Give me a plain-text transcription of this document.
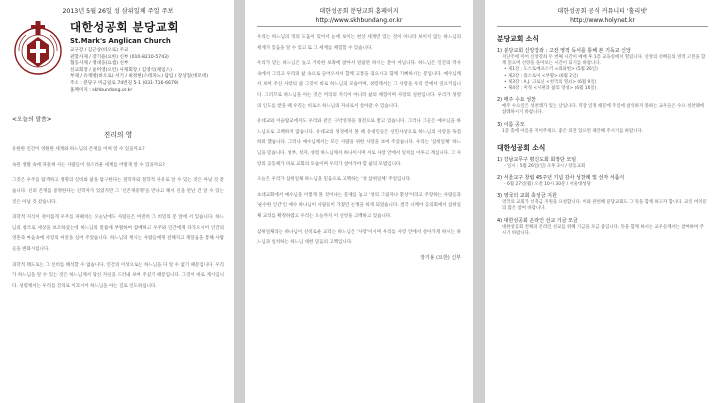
2013년 5월 26일 성 삼위일체 주일 주보
대한성공회 분당교회
St.Mark's Anglican Church
교구장 / 김근상(바오로) 주교
관할사제 / 장기용(요한) 신부 (010-8210-5743)
협동사제 / 정대웅(요셉) 신부
선교회장 / 윤미영(오린) 사제회장 / 김영식(제임스)
부제 / 유재방(바오로) 서기 / 최정현(스테파노) 담임 / 장상칠(데모데)
주소 : 분당구 미금일로 74번길 5-1 (031-716-6679)
홈페이지 : skhbundang.or.kr
<오늘의 말씀>
진리의 영

유한한 인간이 영원한 세계와 하느님의 존재를 어찌 알 수 있을까요?

속된 생활 속에 파묻혀 사는 사람들이 성스러운 세계를 어떻게 알 수 있을까요?

그것은 우주를 탐색하고 생명의 신비와 삶을 탐구한다는 철학자와 철학적 사유로 알 수 있는 것은 아닐 것 같습니다. 신의 존재를 증명한다는 신학자가 있었지만 그 '신존재증명'을 만나고 해서 신을 만난 건 알 수 있는 것은 아닐 것 같습니다.

과학적 지식이 경이롭게 우주를 파헤치는 오늘날에도 사람들은 여전히 그 비밀의 문 앞에 서 있습니다. 하느님의 창조로 세상을 보조하셨는데 하느님의 말씀에 부활하여 참배하고 우주와 인간에게 다가오시어 인간의 영혼과 마음속에 사랑의 씨앗을 심어 주었습니다. 하느님의 계시는 사람들에게 전해지고 깨달음을 통해 사람들을 변화시킵니다.

과학적 태도로는 그 신비를 해석할 수 없습니다. 인간의 이성으로는 하느님을 다 알 수 없기 때문입니다. 우리가 하느님을 알 수 있는 것은 하느님께서 당신 자신을 드러내 보여 주셨기 때문입니다. 그것이 바로 계시입니다. 성령께서는 우리를 진리로 이끄시어 하느님을 아는 길로 인도하십니다.

대한성공회 분당교회 홈페이지
http://www.skhbundang.or.kr

우리는 하느님의 영의 도움이 있어서 눈에 보이는 현상 세계만 있는 것이 아니라 보이지 않는 하느님의 세계가 있음을 알 수 있고 또 그 세계를 체험할 수 있습니다.

우리가 믿는 하느님은 높고 거룩한 보좌에 앉아서 말씀만 하시는 분이 아닙니다. 하느님은 인간의 역사 속에서 그리고 우리의 삶 속으로 들어오셔서 함께 고통을 겪으시고 함께 기뻐하시는 분입니다. 예수님께서 보여 주신 사랑의 삶 그것이 바로 하느님의 모습이며, 성령께서는 그 사랑을 우리 안에서 일으키십니다. 그러므로 하느님을 아는 것은 머리의 지식이 아니라 삶의 체험이며 사랑의 실천입니다. 우리가 성령의 인도를 받을 때 우리는 비로소 하느님의 자녀로서 살아갈 수 있습니다.

유대교와 이슬람교에서도 우리와 같은 구약성경을 경전으로 받고 있습니다. 그러나 그들은 예수님을 하느님으로 고백하지 않습니다. 유대교의 성경에서 볼 때 유대인들은 선민사상으로 하느님의 사랑을 독점하려 했습니다. 그러나 예수님께서는 모든 사람을 위한 사랑을 보여 주셨습니다. 우리는 '삼위일체' 하느님을 믿습니다. 성부, 성자, 성령 하느님께서 하나이시며 서로 사랑 안에서 일치를 이루고 계십니다. 그 사랑의 공동체가 바로 교회의 모습이며 우리가 살아가야 할 삶의 모범입니다.

오늘은 우리가 삼위일체 하느님을 믿음으로 고백하는 '성 삼위일체' 주일입니다.

초대교회에서 예수님을 이렇게 볼 것이냐는 문제를 놓고 '성의 그림자나 환상'이라고 주장하는 사람들과 '순수한 인간'인 예수 하나님이 사람들이 가졌던 논쟁을 하게 되었습니다. 결국 니케아 공의회에서 삼위일체 교리를 확정하였고 우리는 오늘까지 이 신앙을 고백하고 있습니다.

삼위일체라는 하나님이 신비로운 교리는 하느님은 '사랑'이시며 우리를 사랑 안에서 살아가게 하시는 하느님과 일치하는 하느님 대한 믿음의 고백입니다.

장기용 (요한) 신부
대한성공회 공식 커뮤니티 '홀리넷'
http://www.holynet.kr
분당교회 소식
1) 분당교회 신앙강좌 : 고전 영적 독서를 통해 본 기독교 신앙

지난주에 이어 신앙강좌 두 번째 시간이 예배 후 1층 교육실에서 열립니다. 신앙의 선배들의 영적 고전을 함께 읽으며 신앙을 돌아보는 시간이 되기를 바랍니다.

• 제1강 : 도스토예프스키 <죄와벌> (5월 26일)

• 제2강 : 톨스토이 <부활> (6월 2일)

• 제3강 : A.J. 크로닌 <천국의 열쇠> (6월 9일)

• 제4강 : 미정 <시편과 삶의 영성> (6월 16일)

2) 매주 수요 성찬

매주 수요일은 성찬례가 있는 날입니다. 직장 일정 때문에 주일에 참석하지 못하는 교우들은 수요 성찬례에 참례하시기 바랍니다.

3) 이름 공모

1층 홀에 이름을 지어주세요. 좋은 의견 있으면 제안해 주시기를 바랍니다.

대한성공회 소식
1) 강남교무구 평신도회 회장단 모임

- 일시 : 5월 26일(일) 오후 3시 / 강동교회

2) 서울교구 창립 45주년 기념 감사 성찬례 및 선자 서품식

- 6월 27일(월) 오전 10시 30분 / 서울대성당

3) 영국의 교회 축성금 지원

영국의 교회가 선축금 지원을 요청합니다. 이와 관련해 분당교회도 그 뜻을 함께 하고자 합니다. 교인 여러분의 많은 참여 바랍니다.

4) 대한성공회 온라인 선교 기금 모금

대한성공회 전체의 온라인 선교를 위해 기금을 모금 중입니다. 뜻을 함께 하시는 교우들께서는 참여하여 주시기 바랍니다.
